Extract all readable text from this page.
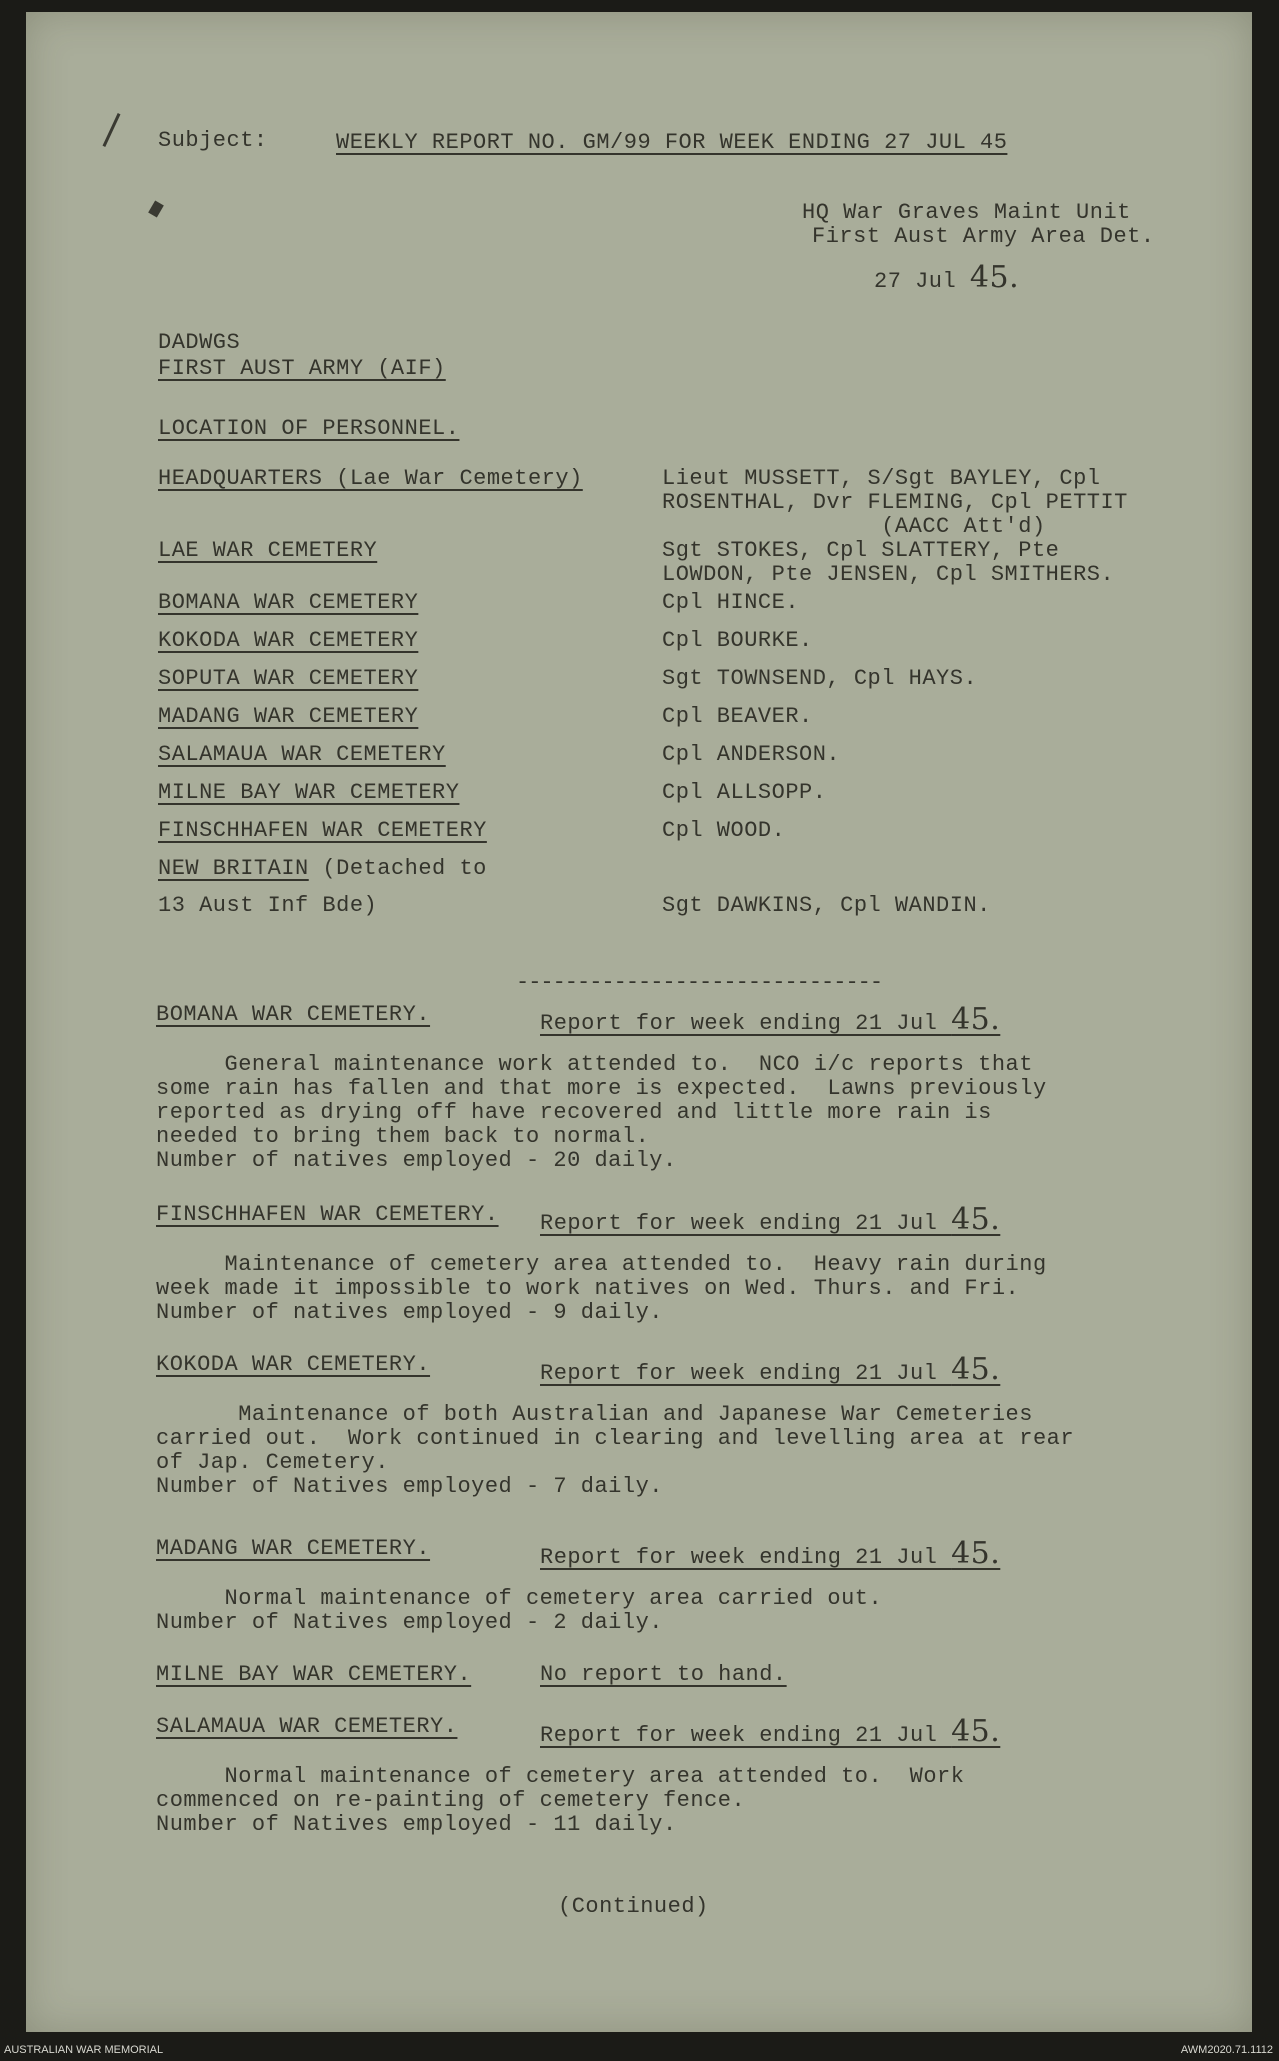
Subject:	WEEKLY REPORT NO. GM/99 FOR WEEK ENDING 27 JUL 45
HQ War Graves Maint Unit
First Aust Army Area Det.
27 Jul 45.
DADWGS
FIRST AUST ARMY (AIF)
LOCATION OF PERSONNEL.
HEADQUARTERS (Lae War Cemetery)	Lieut MUSSETT, S/Sgt BAYLEY, Cpl
ROSENTHAL, Dvr FLEMING, Cpl PETTIT
(AACC Att'd)
LAE WAR CEMETERY	Sgt STOKES, Cpl SLATTERY, Pte
LOWDON, Pte JENSEN, Cpl SMITHERS.
BOMANA WAR CEMETERY	Cpl HINCE.
KOKODA WAR CEMETERY	Cpl BOURKE.
SOPUTA WAR CEMETERY	Sgt TOWNSEND, Cpl HAYS.
MADANG WAR CEMETERY	Cpl BEAVER.
SALAMAUA WAR CEMETERY	Cpl ANDERSON.
MILNE BAY WAR CEMETERY	Cpl ALLSOPP.
FINSCHHAFEN WAR CEMETERY	Cpl WOOD.
NEW BRITAIN (Detached to
13 Aust Inf Bde)	Sgt DAWKINS, Cpl WANDIN.
------------------------------
BOMANA WAR CEMETERY.	Report for week ending 21 Jul 45.
General maintenance work attended to.  NCO i/c reports that
some rain has fallen and that more is expected.  Lawns previously
reported as drying off have recovered and little more rain is
needed to bring them back to normal.
Number of natives employed - 20 daily.
FINSCHHAFEN WAR CEMETERY. Report for week ending 21 Jul 45.
Maintenance of cemetery area attended to.  Heavy rain during
week made it impossible to work natives on Wed. Thurs. and Fri.
Number of natives employed - 9 daily.
KOKODA WAR CEMETERY.	Report for week ending 21 Jul 45.
Maintenance of both Australian and Japanese War Cemeteries
carried out.  Work continued in clearing and levelling area at rear
of Jap. Cemetery.
Number of Natives employed - 7 daily.
MADANG WAR CEMETERY.	Report for week ending 21 Jul 45.
Normal maintenance of cemetery area carried out.
Number of Natives employed - 2 daily.
MILNE BAY WAR CEMETERY.	No report to hand.
SALAMAUA WAR CEMETERY.	Report for week ending 21 Jul 45.
Normal maintenance of cemetery area attended to.  Work
commenced on re-painting of cemetery fence.
Number of Natives employed - 11 daily.
(Continued)
AUSTRALIAN WAR MEMORIAL	AWM2020.71.1112
